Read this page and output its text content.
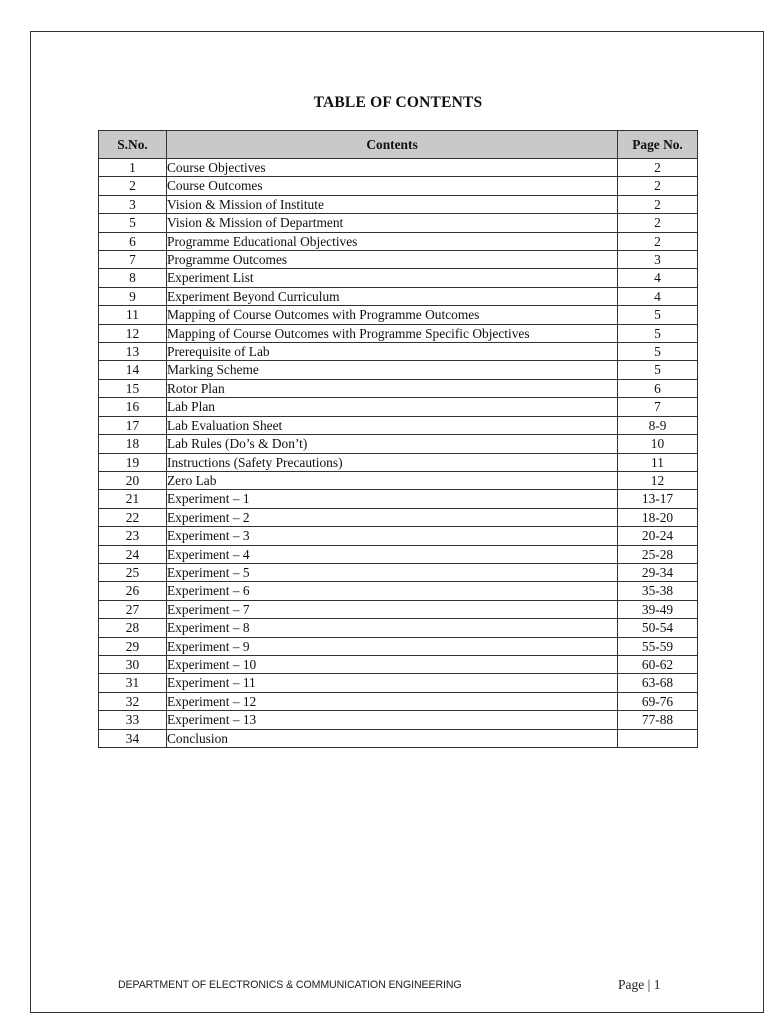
TABLE OF CONTENTS
S.No.	Contents	Page No.
1	Course Objectives	2
2	Course Outcomes	2
3	Vision & Mission of Institute	2
5	Vision & Mission of Department	2
6	Programme Educational Objectives	2
7	Programme Outcomes	3
8	Experiment List	4
9	Experiment Beyond Curriculum	4
11	Mapping of Course Outcomes with Programme Outcomes	5
12	Mapping of Course Outcomes with Programme Specific Objectives	5
13	Prerequisite of Lab	5
14	Marking Scheme	5
15	Rotor Plan	6
16	Lab Plan	7
17	Lab Evaluation Sheet	8-9
18	Lab Rules (Do’s & Don’t)	10
19	Instructions (Safety Precautions)	11
20	Zero Lab	12
21	Experiment – 1	13-17
22	Experiment – 2	18-20
23	Experiment – 3	20-24
24	Experiment – 4	25-28
25	Experiment – 5	29-34
26	Experiment – 6	35-38
27	Experiment – 7	39-49
28	Experiment – 8	50-54
29	Experiment – 9	55-59
30	Experiment – 10	60-62
31	Experiment – 11	63-68
32	Experiment – 12	69-76
33	Experiment – 13	77-88
34	Conclusion	
DEPARTMENT OF ELECTRONICS & COMMUNICATION ENGINEERING	Page | 1
